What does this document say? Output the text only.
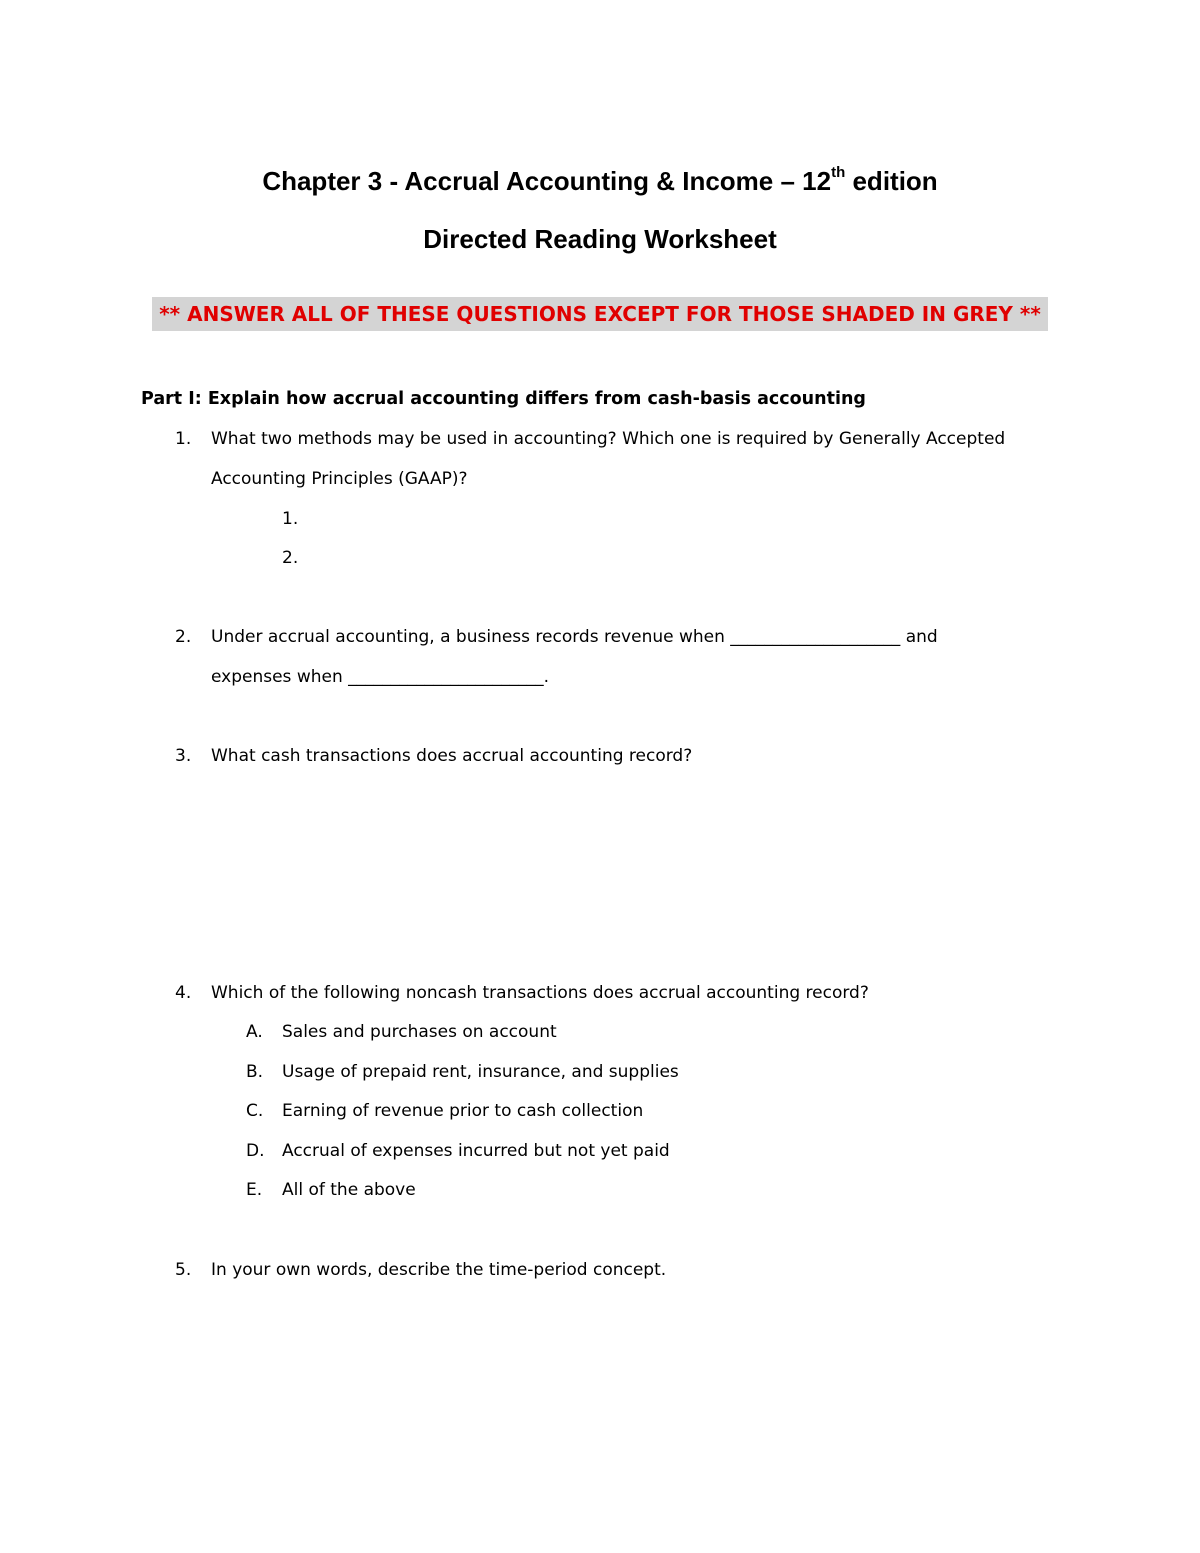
Chapter 3 - Accrual Accounting & Income – 12th edition
Directed Reading Worksheet
** ANSWER ALL OF THESE QUESTIONS EXCEPT FOR THOSE SHADED IN GREY **
Part I: Explain how accrual accounting differs from cash-basis accounting
1.	What two methods may be used in accounting? Which one is required by Generally Accepted
Accounting Principles (GAAP)?
1.
2.
2.	Under accrual accounting, a business records revenue when ____________________ and
expenses when _______________________.
3.	What cash transactions does accrual accounting record?
4.	Which of the following noncash transactions does accrual accounting record?
A.	Sales and purchases on account
B.	Usage of prepaid rent, insurance, and supplies
C.	Earning of revenue prior to cash collection
D.	Accrual of expenses incurred but not yet paid
E.	All of the above
5.	In your own words, describe the time-period concept.
